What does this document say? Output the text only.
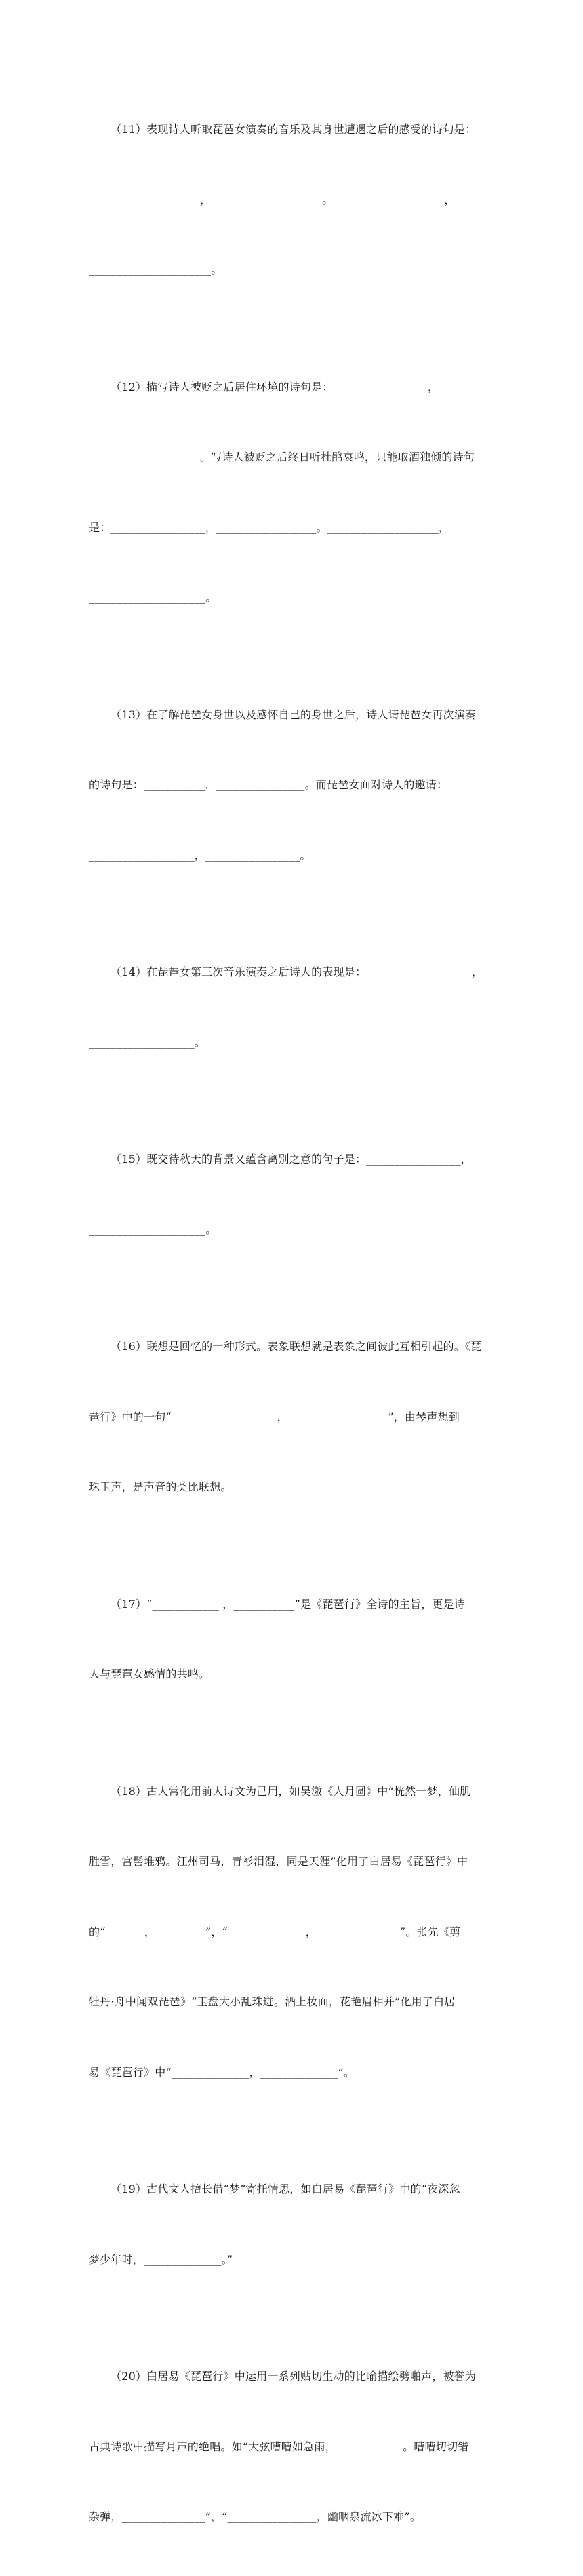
（11）表现诗人听取琵琶女演奏的音乐及其身世遭遇之后的感受的诗句是：

____________________，____________________。____________________，

______________________。

（12）描写诗人被贬之后居住环境的诗句是：_________________，

____________________。写诗人被贬之后终日听杜鹃哀鸣，只能取酒独倾的诗句

是：_________________，__________________。____________________，

_____________________。

（13）在了解琵琶女身世以及感怀自己的身世之后，诗人请琵琶女再次演奏

的诗句是：___________，________________。而琵琶女面对诗人的邀请：

___________________，_________________。

（14）在琵琶女第三次音乐演奏之后诗人的表现是：___________________，

___________________。

（15）既交待秋天的背景又蕴含离别之意的句子是：_________________，

_____________________。

（16）联想是回忆的一种形式。表象联想就是表象之间彼此互相引起的。《琵

琶行》中的一句“___________________，__________________”，由琴声想到

珠玉声，是声音的类比联想。

（17）“____________ ，___________”是《琵琶行》全诗的主旨，更是诗

人与琵琶女感情的共鸣。

（18）古人常化用前人诗文为己用，如吴激《人月圆》中“恍然一梦，仙肌

胜雪，宫髻堆鸦。江州司马，青衫泪湿，同是天涯”化用了白居易《琵琶行》中

的“_______，_________”，“______________，_______________”。张先《剪

牡丹·舟中闻双琵琶》“玉盘大小乱珠迸。酒上妆面，花艳眉相并”化用了白居

易《琵琶行》中“______________，______________”。

（19）古代文人擅长借“梦”寄托情思，如白居易《琵琶行》中的“夜深忽

梦少年时，______________。”

（20）白居易《琵琶行》中运用一系列贴切生动的比喻描绘劈啪声，被誉为

古典诗歌中描写月声的绝唱。如“大弦嘈嘈如急雨，____________。嘈嘈切切错

杂弹，_______________”，“________________，幽咽泉流冰下难”。
